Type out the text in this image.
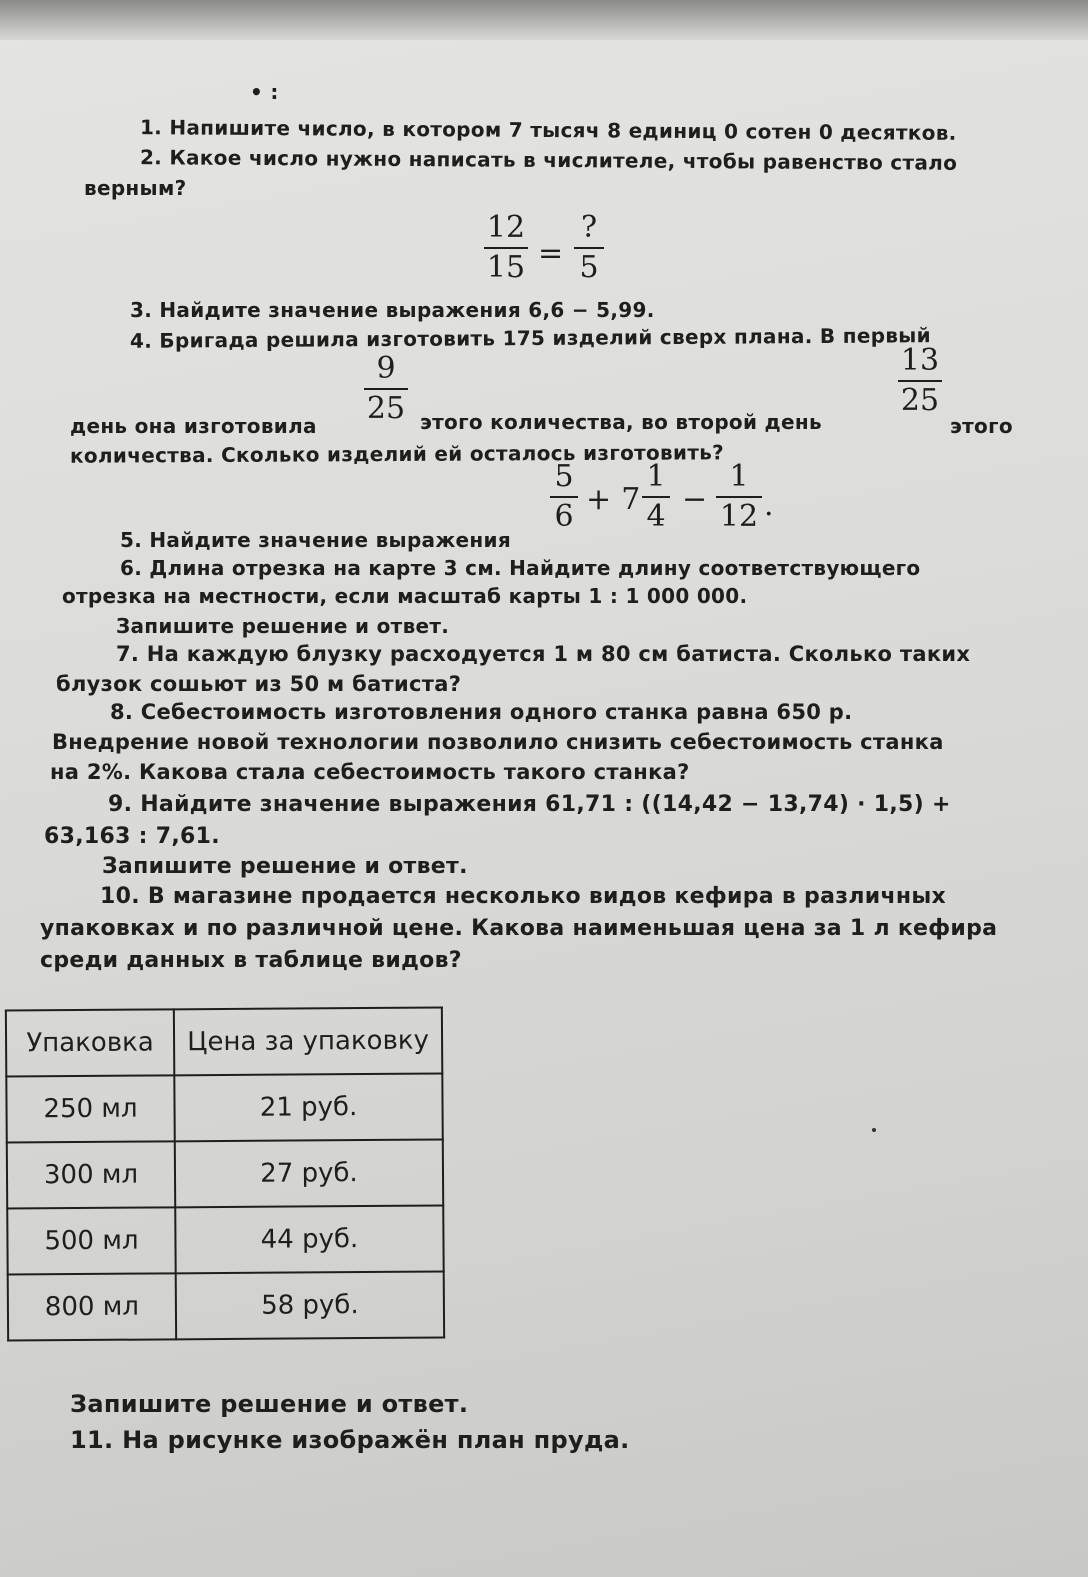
• :
1. Напишите число, в котором 7 тысяч 8 единиц 0 сотен 0 десятков.
2. Какое число нужно написать в числителе, чтобы равенство стало
верным?
12
15 =
?
5
3. Найдите значение выражения 6,6 − 5,99.
4. Бригада решила изготовить 175 изделий сверх плана. В первый
день она изготовила
9
25 этого количества, во второй день
13
25
этого
количества. Сколько изделий ей осталось изготовить?
5. Найдите значение выражения
5
6 + 7
1
4 −
1
12 .
6. Длина отрезка на карте 3 см. Найдите длину соответствующего
отрезка на местности, если масштаб карты 1 : 1 000 000.
Запишите решение и ответ.
7. На каждую блузку расходуется 1 м 80 см батиста. Сколько таких
блузок сошьют из 50 м батиста?
8. Себестоимость изготовления одного станка равна 650 р.
Внедрение новой технологии позволило снизить себестоимость станка
на 2%. Какова стала себестоимость такого станка?
9. Найдите значение выражения 61,71 : ((14,42 − 13,74) · 1,5) +
63,163 : 7,61.
Запишите решение и ответ.
10. В магазине продается несколько видов кефира в различных
упаковках и по различной цене. Какова наименьшая цена за 1 л кефира
среди данных в таблице видов?
Упаковка	Цена за упаковку
250 мл	21 руб.
300 мл	27 руб.
500 мл	44 руб.
800 мл	58 руб.
Запишите решение и ответ.
11. На рисунке изображён план пруда.
